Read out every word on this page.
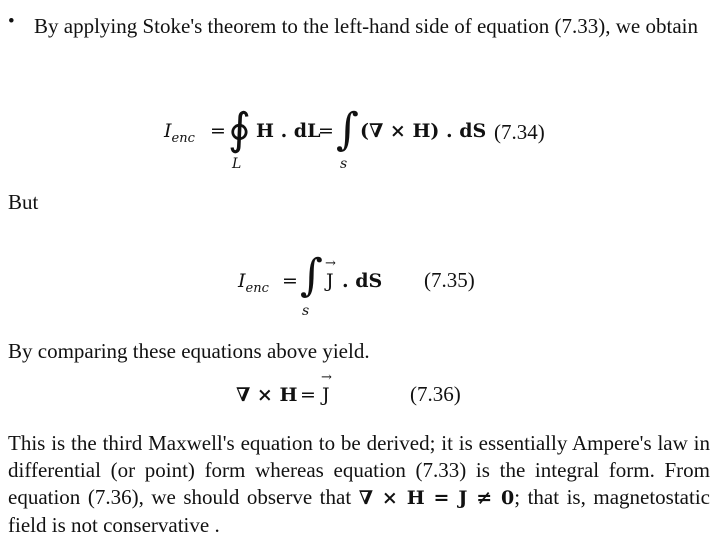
• By applying Stoke's theorem to the left-hand side of equation (7.33), we obtain
$I_{enc}$ = ∮
L
H . dL
= ∫
s
(∇ × H) . dS (7.34)
But
$I_{enc}$ = ∫
s
→ J . dS (7.35)
By comparing these equations above yield.
∇ × H =
→ J	(7.36)
This is the third Maxwell's equation to be derived; it is essentially Ampere's law in differential (or point) form whereas equation (7.33) is the integral form. From equation (7.36), we should observe that ∇ × H = J ≠ 0; that is, magnetostatic field is not conservative .
